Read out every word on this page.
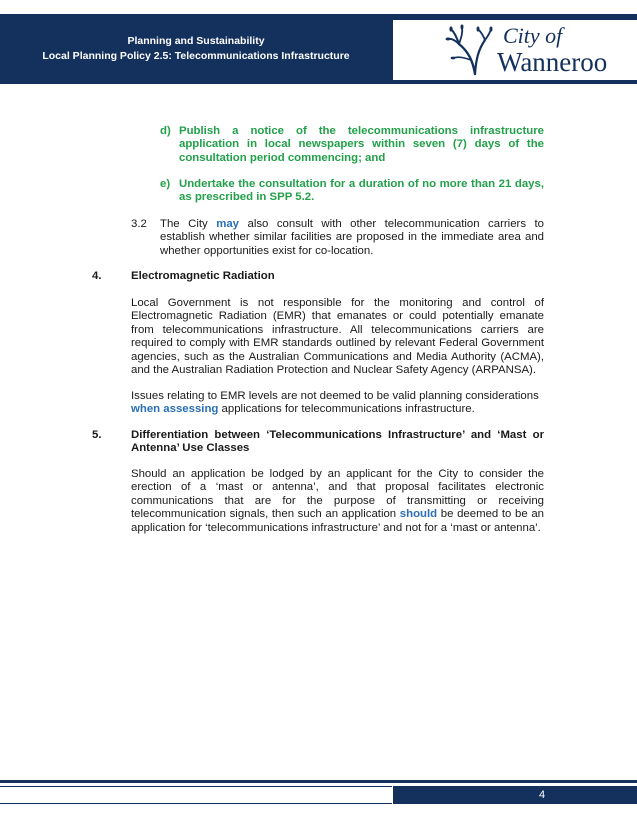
Planning and Sustainability
Local Planning Policy 2.5: Telecommunications Infrastructure
City of
Wanneroo
d) Publish a notice of the telecommunications infrastructure application in local newspapers within seven (7) days of the consultation period commencing; and
e) Undertake the consultation for a duration of no more than 21 days, as prescribed in SPP 5.2.
3.2 The City may also consult with other telecommunication carriers to establish whether similar facilities are proposed in the immediate area and whether opportunities exist for co-location.
4.	Electromagnetic Radiation
Local Government is not responsible for the monitoring and control of Electromagnetic Radiation (EMR) that emanates or could potentially emanate from telecommunications infrastructure. All telecommunications carriers are required to comply with EMR standards outlined by relevant Federal Government agencies, such as the Australian Communications and Media Authority (ACMA), and the Australian Radiation Protection and Nuclear Safety Agency (ARPANSA).
Issues relating to EMR levels are not deemed to be valid planning considerations when assessing applications for telecommunications infrastructure.
5.	Differentiation between ‘Telecommunications Infrastructure’ and ‘Mast or Antenna’ Use Classes
Should an application be lodged by an applicant for the City to consider the erection of a ‘mast or antenna’, and that proposal facilitates electronic communications that are for the purpose of transmitting or receiving telecommunication signals, then such an application should be deemed to be an application for ‘telecommunications infrastructure’ and not for a ‘mast or antenna’.
4
